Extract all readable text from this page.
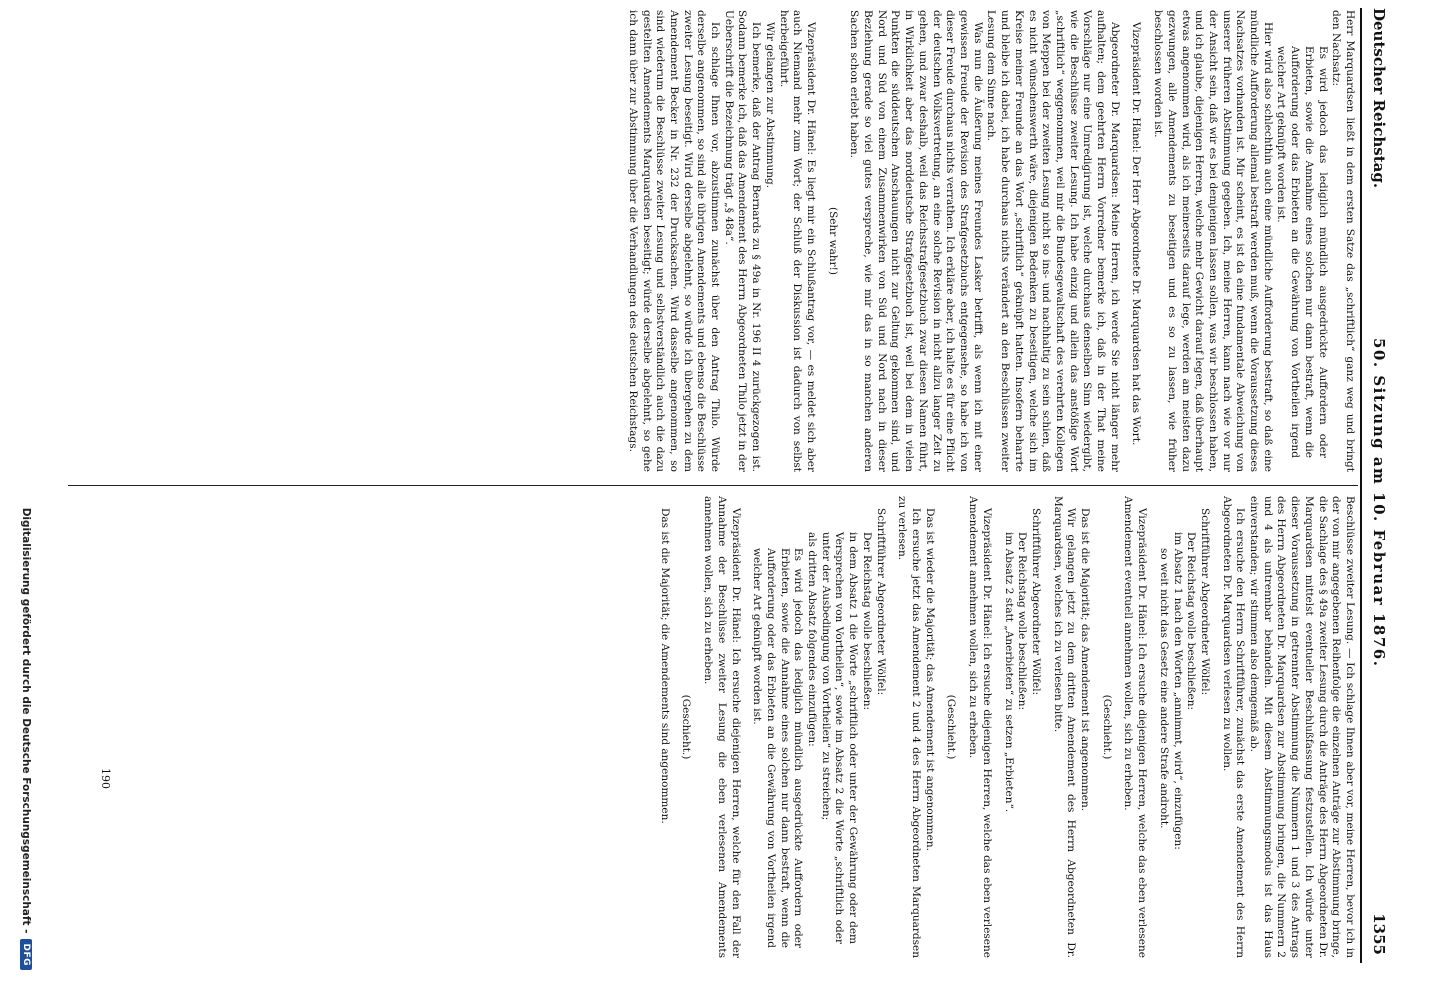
Deutscher Reichstag.
50. Sitzung am 10. Februar 1876.
1355

Herr Marquardsen ließt in dem ersten Satze das „schriftlich“ ganz weg und bringt den Nachsatz:

Es wird jedoch das lediglich mündlich ausgedrückte Auffordern oder Erbieten, sowie die Annahme eines solchen nur dann bestraft, wenn die Aufforderung oder das Erbieten an die Gewährung von Vortheilen irgend welcher Art geknüpft worden ist.

Hier wird also schlechthin auch eine mündliche Aufforderung bestraft, so daß eine mündliche Aufforderung allemal bestraft werden muß, wenn die Voraussetzung dieses Nachsatzes vorhanden ist. Mir scheint, es ist da eine fundamentale Abweichung von unserer früheren Abstimmung gegeben. Ich, meine Herren, kann nach wie vor nur der Ansicht sein, daß wir es bei demjenigen lassen sollen, was wir beschlossen haben, und ich glaube, diejenigen Herren, welche mehr Gewicht darauf legen, daß überhaupt etwas angenommen wird, als ich meinerseits darauf lege, werden am meisten dazu gezwungen, alle Amendements zu beseitigen und es so zu lassen, wie früher beschlossen worden ist.

Vizepräsident Dr. Hänel: Der Herr Abgeordnete Dr. Marquardsen hat das Wort.

Abgeordneter Dr. Marquardsen: Meine Herren, ich werde Sie nicht länger mehr aufhalten; dem geehrten Herrn Vorredner bemerke ich, daß in der That meine Vorschläge nur eine Umredigirung ist, welche durchaus denselben Sinn wiedergibt, wie die Beschlüsse zweiter Lesung. Ich habe einzig und allein das anstößige Wort „schriftlich“ weggenommen, weil mir die Bundesgewaltschaft des verehrten Kollegen von Meppen bei der zweiten Lesung nicht so ins- und nachhaltig zu sein schien, daß es nicht wünschenswerth wäre, diejenigen Bedenken zu beseitigen, welche sich im Kreise meiner Freunde an das Wort „schriftlich“ geknüpft hatten. Insofern beharrte und bleibe ich dabei, ich habe durchaus nichts verändert an den Beschlüssen zweiter Lesung dem Sinne nach.

Was nun die Äußerung meines Freundes Lasker betrifft, als wenn ich mit einer gewissen Freude der Revision des Strafgesetzbuchs entgegensehe, so habe ich von dieser Freude durchaus nichts verrathen. Ich erkläre aber, ich halte es für eine Pflicht der deutschen Volksvertretung, an eine solche Revision in nicht allzu langer Zeit zu gehen, und zwar deshalb, weil das Reichsstrafgesetzbuch zwar diesen Namen führt, in Wirklichkeit aber das norddeutsche Strafgesetzbuch ist, weil bei dem in vielen Punkten die süddeutschen Anschauungen nicht zur Geltung gekommen sind, und Nord und Süd von einem Zusammenwirken von Süd und Nord nach in dieser Beziehung gerade so viel gutes verspreche, wie mir das in so manchen anderen Sachen schon erlebt haben.

(Sehr wahr!)

Vizepräsident Dr. Hänel: Es liegt mir ein Schlußantrag vor, — es meldet sich aber auch Niemand mehr zum Wort; der Schluß der Diskussion ist dadurch von selbst herbeigeführt.

Wir gelangen zur Abstimmung.

Ich bemerke, daß der Antrag Bernards zu § 49a in Nr. 196 II 4 zurückgezogen ist. Sodann bemerke ich, daß das Amendement des Herrn Abgeordneten Thilo jetzt in der Ueberschrift die Bezeichnung trägt „§ 48a“.

Ich schlage Ihnen vor, abzustimmen zunächst über den Antrag Thilo. Würde derselbe angenommen, so sind alle übrigen Amendements und ebenso die Beschlüsse zweiter Lesung beseitigt. Wird derselbe abgelehnt, so würde ich übergehen zu dem Amendement Becker in Nr. 232 der Drucksachen. Wird dasselbe angenommen, so sind wiederum die Beschlüsse zweiter Lesung und selbstverständlich auch die dazu gestellten Amendements Marquardsen beseitigt; würde derselbe abgelehnt, so gehe ich dann über zur Abstimmung über die Verhandlungen des deutschen Reichstags.

Beschlüsse zweiter Lesung. — Ich schlage Ihnen aber vor, meine Herren, bevor ich in der von mir angegebenen Reihenfolge die einzelnen Anträge zur Abstimmung bringe, die Sachlage des § 49a zweiter Lesung durch die Anträge des Herrn Abgeordneten Dr. Marquardsen mittelst eventueller Beschlußfassung festzustellen. Ich würde unter dieser Voraussetzung in getrennter Abstimmung die Nummern 1 und 3 des Antrags des Herrn Abgeordneten Dr. Marquardsen zur Abstimmung bringen, die Nummern 2 und 4 als untrennbar behandeln. Mit diesem Abstimmungsmodus ist das Haus einverstanden; wir stimmen also demgemäß ab.

Ich ersuche den Herrn Schriftführer, zunächst das erste Amendement des Herrn Abgeordneten Dr. Marquardsen verlesen zu wollen.

Schriftführer Abgeordneter Wölfel:

Der Reichstag wolle beschließen:

im Absatz 1 nach den Worten „annimmt, wird“, einzufügen:

so weit nicht das Gesetz eine andere Strafe androht.

Vizepräsident Dr. Hänel: Ich ersuche diejenigen Herren, welche das eben verlesene Amendement eventuell annehmen wollen, sich zu erheben.

(Geschieht.)

Das ist die Majorität; das Amendement ist angenommen.

Wir gelangen jetzt zu dem dritten Amendement des Herrn Abgeordneten Dr. Marquardsen, welches ich zu verlesen bitte.

Schriftführer Abgeordneter Wölfel:

Der Reichstag wolle beschließen:

im Absatz 2 statt „Anerbieten“ zu setzen „Erbieten“.

Vizepräsident Dr. Hänel: Ich ersuche diejenigen Herren, welche das eben verlesene Amendement annehmen wollen, sich zu erheben.

(Geschieht.)

Das ist wieder die Majorität; das Amendement ist angenommen.

Ich ersuche jetzt das Amendement 2 und 4 des Herrn Abgeordneten Marquardsen zu verlesen.

Schriftführer Abgeordneter Wölfel:

Der Reichstag wolle beschließen:

in dem Absatz 1 die Worte „schriftlich oder unter der Gewährung oder dem Versprechen von Vortheilen“, sowie im Absatz 2 die Worte „schriftlich oder unter der Ausbedingung von Vortheilen“ zu streichen;

als dritten Absatz folgendes einzufügen:

Es wird jedoch das lediglich mündlich ausgedrückte Auffordern oder Erbieten, sowie die Annahme eines solchen nur dann bestraft, wenn die Aufforderung oder das Erbieten an die Gewährung von Vortheilen irgend welcher Art geknüpft worden ist.

Vizepräsident Dr. Hänel: Ich ersuche diejenigen Herren, welche für den Fall der Annahme der Beschlüsse zweiter Lesung die eben verlesenen Amendements annehmen wollen, sich zu erheben.

(Geschieht.)

Das ist die Majorität; die Amendements sind angenommen.

190
Digitalisierung gefördert durch die Deutsche Forschungsgemeinschaft -DFG
